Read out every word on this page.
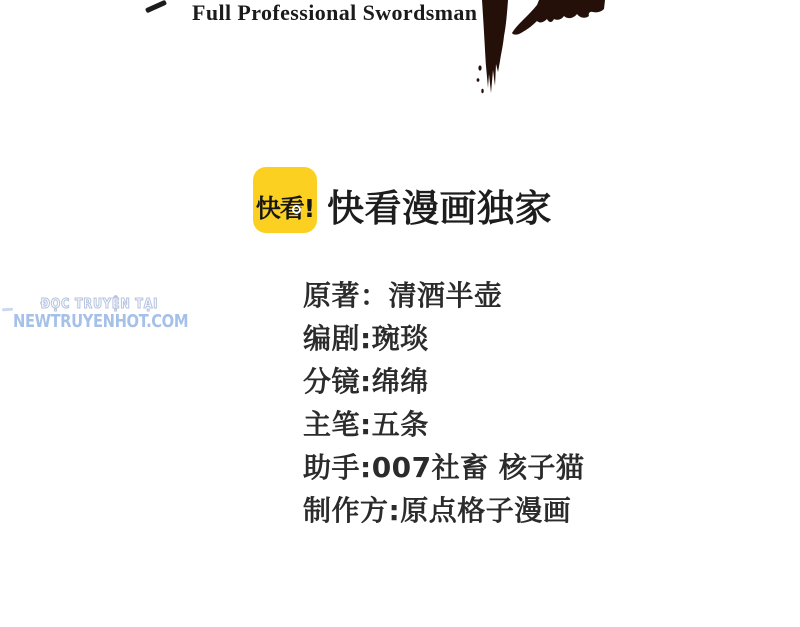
Full Professional Swordsman
快看! 快看漫画独家
ĐỌC TRUYỆN TẠI
NEWTRUYENHOT.COM
原著：清酒半壶
编剧:琬琰
分镜:绵绵
主笔:五条
助手:007社畜 核子猫
制作方:原点格子漫画
